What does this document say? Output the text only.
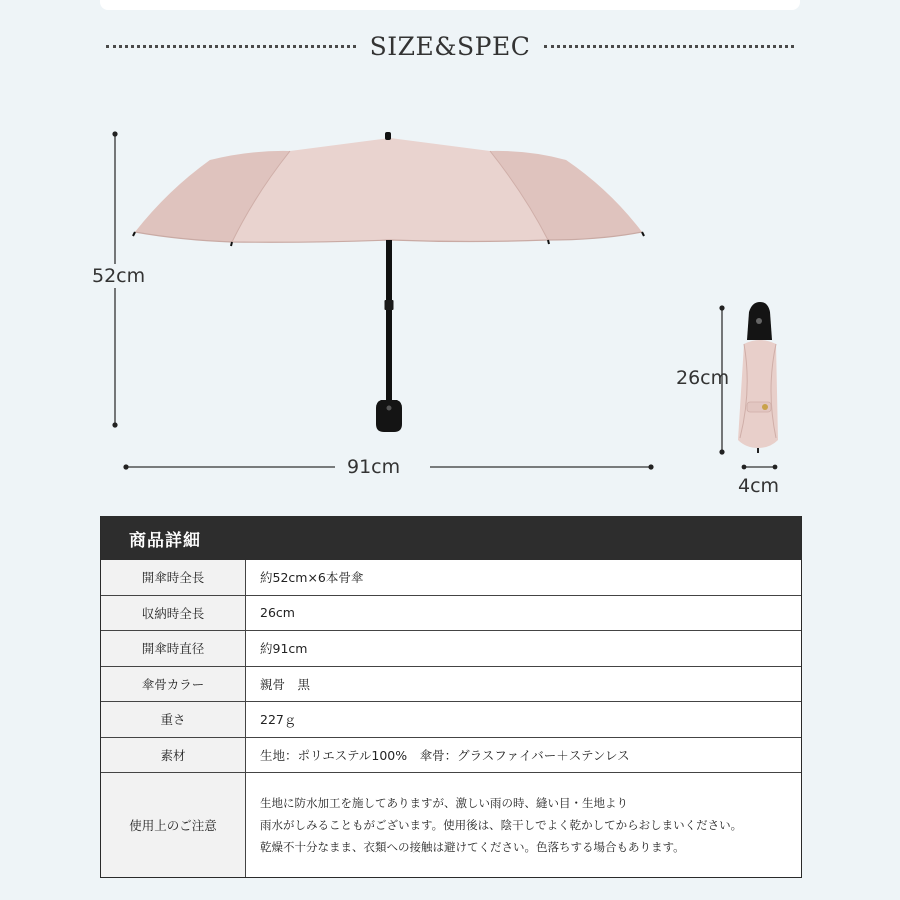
SIZE&SPEC
52cm
91cm
26cm
4cm
商品詳細
開傘時全長	約52cm×6本骨傘
収納時全長	26cm
開傘時直径	約91cm
傘骨カラー	親骨　黒
重さ	227ｇ
素材	生地：ポリエステル100%　傘骨：グラスファイバー＋ステンレス
使用上のご注意
生地に防水加工を施してありますが、激しい雨の時、縫い目・生地より
雨水がしみることもがございます。使用後は、陰干しでよく乾かしてからおしまいください。
乾燥不十分なまま、衣類への接触は避けてください。色落ちする場合もあります。
